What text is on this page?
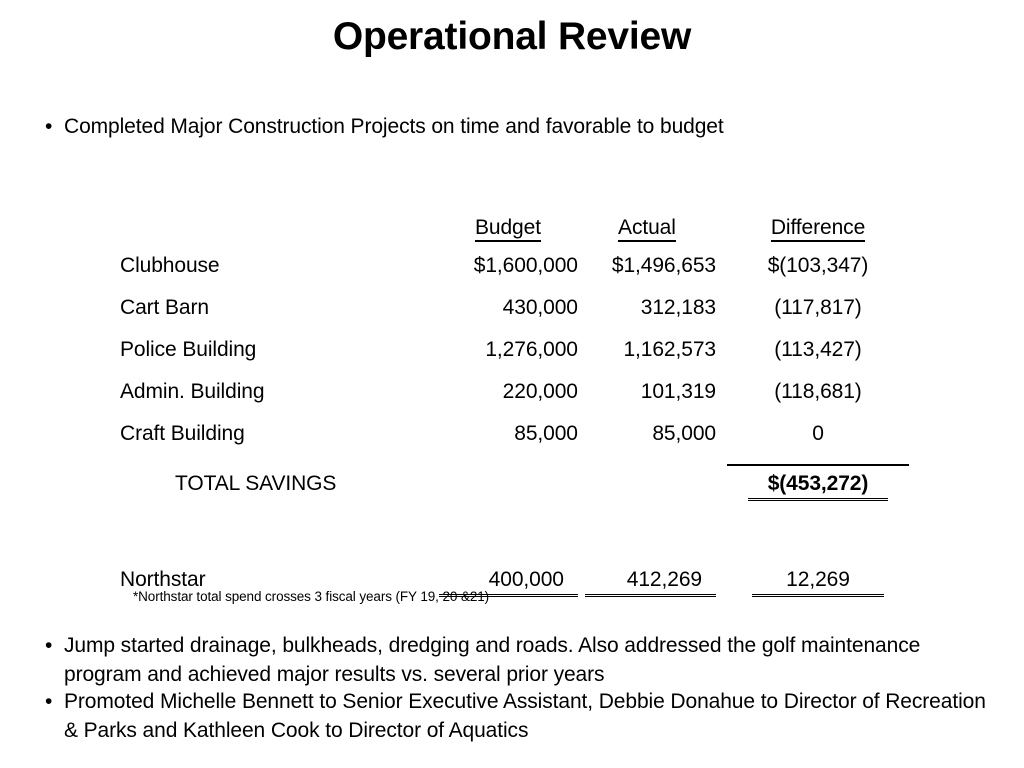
Operational Review
• Completed Major Construction Projects on time and favorable to budget
	Budget	Actual	Difference
Clubhouse	$1,600,000	$1,496,653	$(103,347)
Cart Barn	430,000	312,183	(117,817)
Police Building	1,276,000	1,162,573	(113,427)
Admin. Building	220,000	101,319	(118,681)
Craft Building	85,000	85,000	0

TOTAL SAVINGS			$(453,272)

Northstar	400,000	412,269	12,269
*Northstar total spend crosses 3 fiscal years (FY 19, 20 &21)
• Jump started drainage, bulkheads, dredging and roads. Also addressed the golf maintenance program and achieved major results vs. several prior years
• Promoted Michelle Bennett to Senior Executive Assistant, Debbie Donahue to Director of Recreation & Parks and Kathleen Cook to Director of Aquatics
